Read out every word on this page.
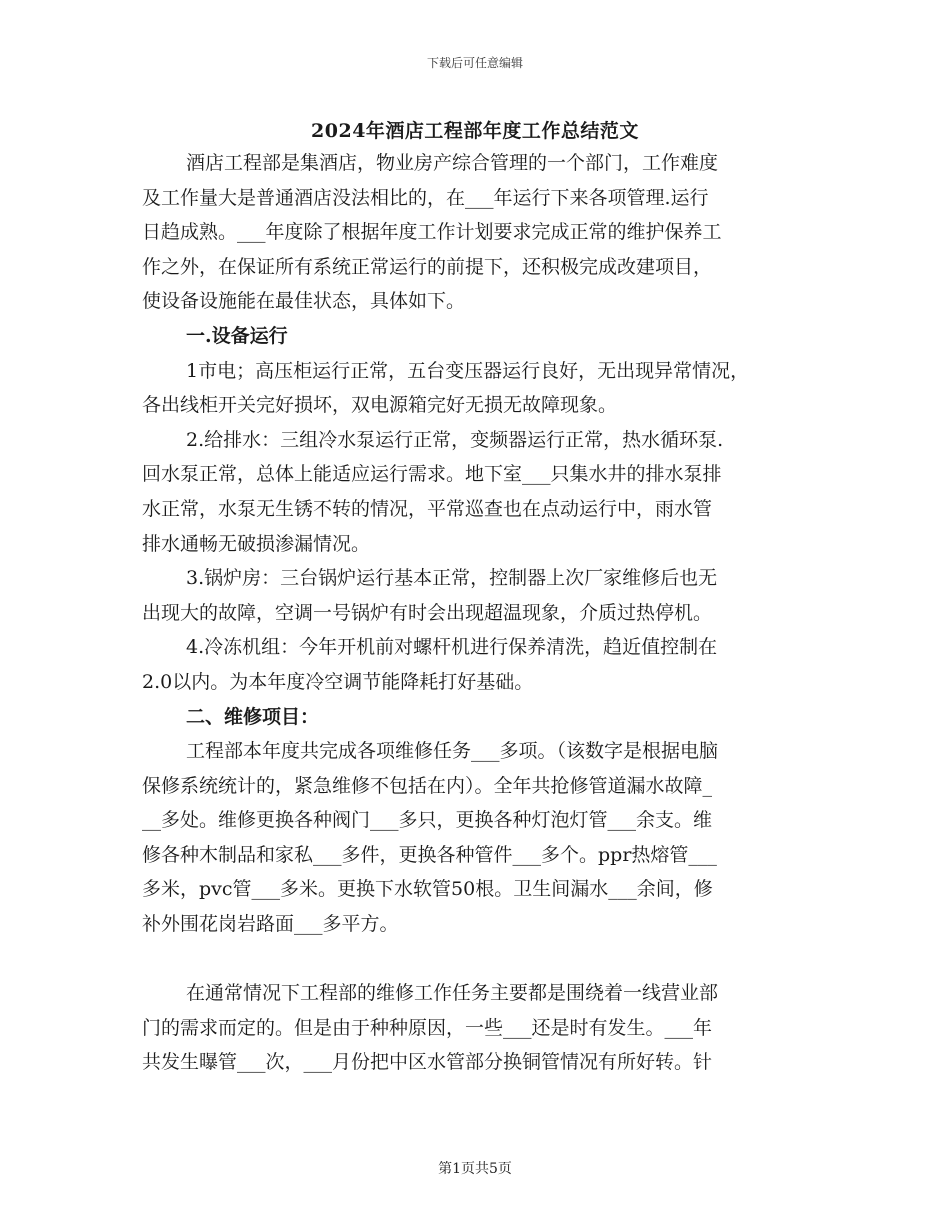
下载后可任意编辑
2024年酒店工程部年度工作总结范文
酒店工程部是集酒店，物业房产综合管理的一个部门，工作难度
及工作量大是普通酒店没法相比的，在___年运行下来各项管理.运行
日趋成熟。___年度除了根据年度工作计划要求完成正常的维护保养工
作之外，在保证所有系统正常运行的前提下，还积极完成改建项目，
使设备设施能在最佳状态，具体如下。
一.设备运行
1市电；高压柜运行正常，五台变压器运行良好，无出现异常情况，
各出线柜开关完好损坏，双电源箱完好无损无故障现象。
2.给排水：三组冷水泵运行正常，变频器运行正常，热水循环泵.
回水泵正常，总体上能适应运行需求。地下室___只集水井的排水泵排
水正常，水泵无生锈不转的情况，平常巡查也在点动运行中，雨水管
排水通畅无破损渗漏情况。
3.锅炉房：三台锅炉运行基本正常，控制器上次厂家维修后也无
出现大的故障，空调一号锅炉有时会出现超温现象，介质过热停机。
4.冷冻机组：今年开机前对螺杆机进行保养清洗，趋近值控制在
2.0以内。为本年度冷空调节能降耗打好基础。
二、维修项目：
工程部本年度共完成各项维修任务___多项。（该数字是根据电脑
保修系统统计的，紧急维修不包括在内）。全年共抢修管道漏水故障_
__多处。维修更换各种阀门___多只，更换各种灯泡灯管___余支。维
修各种木制品和家私___多件，更换各种管件___多个。ppr热熔管___
多米，pvc管___多米。更换下水软管50根。卫生间漏水___余间，修
补外围花岗岩路面___多平方。
在通常情况下工程部的维修工作任务主要都是围绕着一线营业部
门的需求而定的。但是由于种种原因，一些___还是时有发生。___年
共发生曝管___次，___月份把中区水管部分换铜管情况有所好转。针
第1页共5页
